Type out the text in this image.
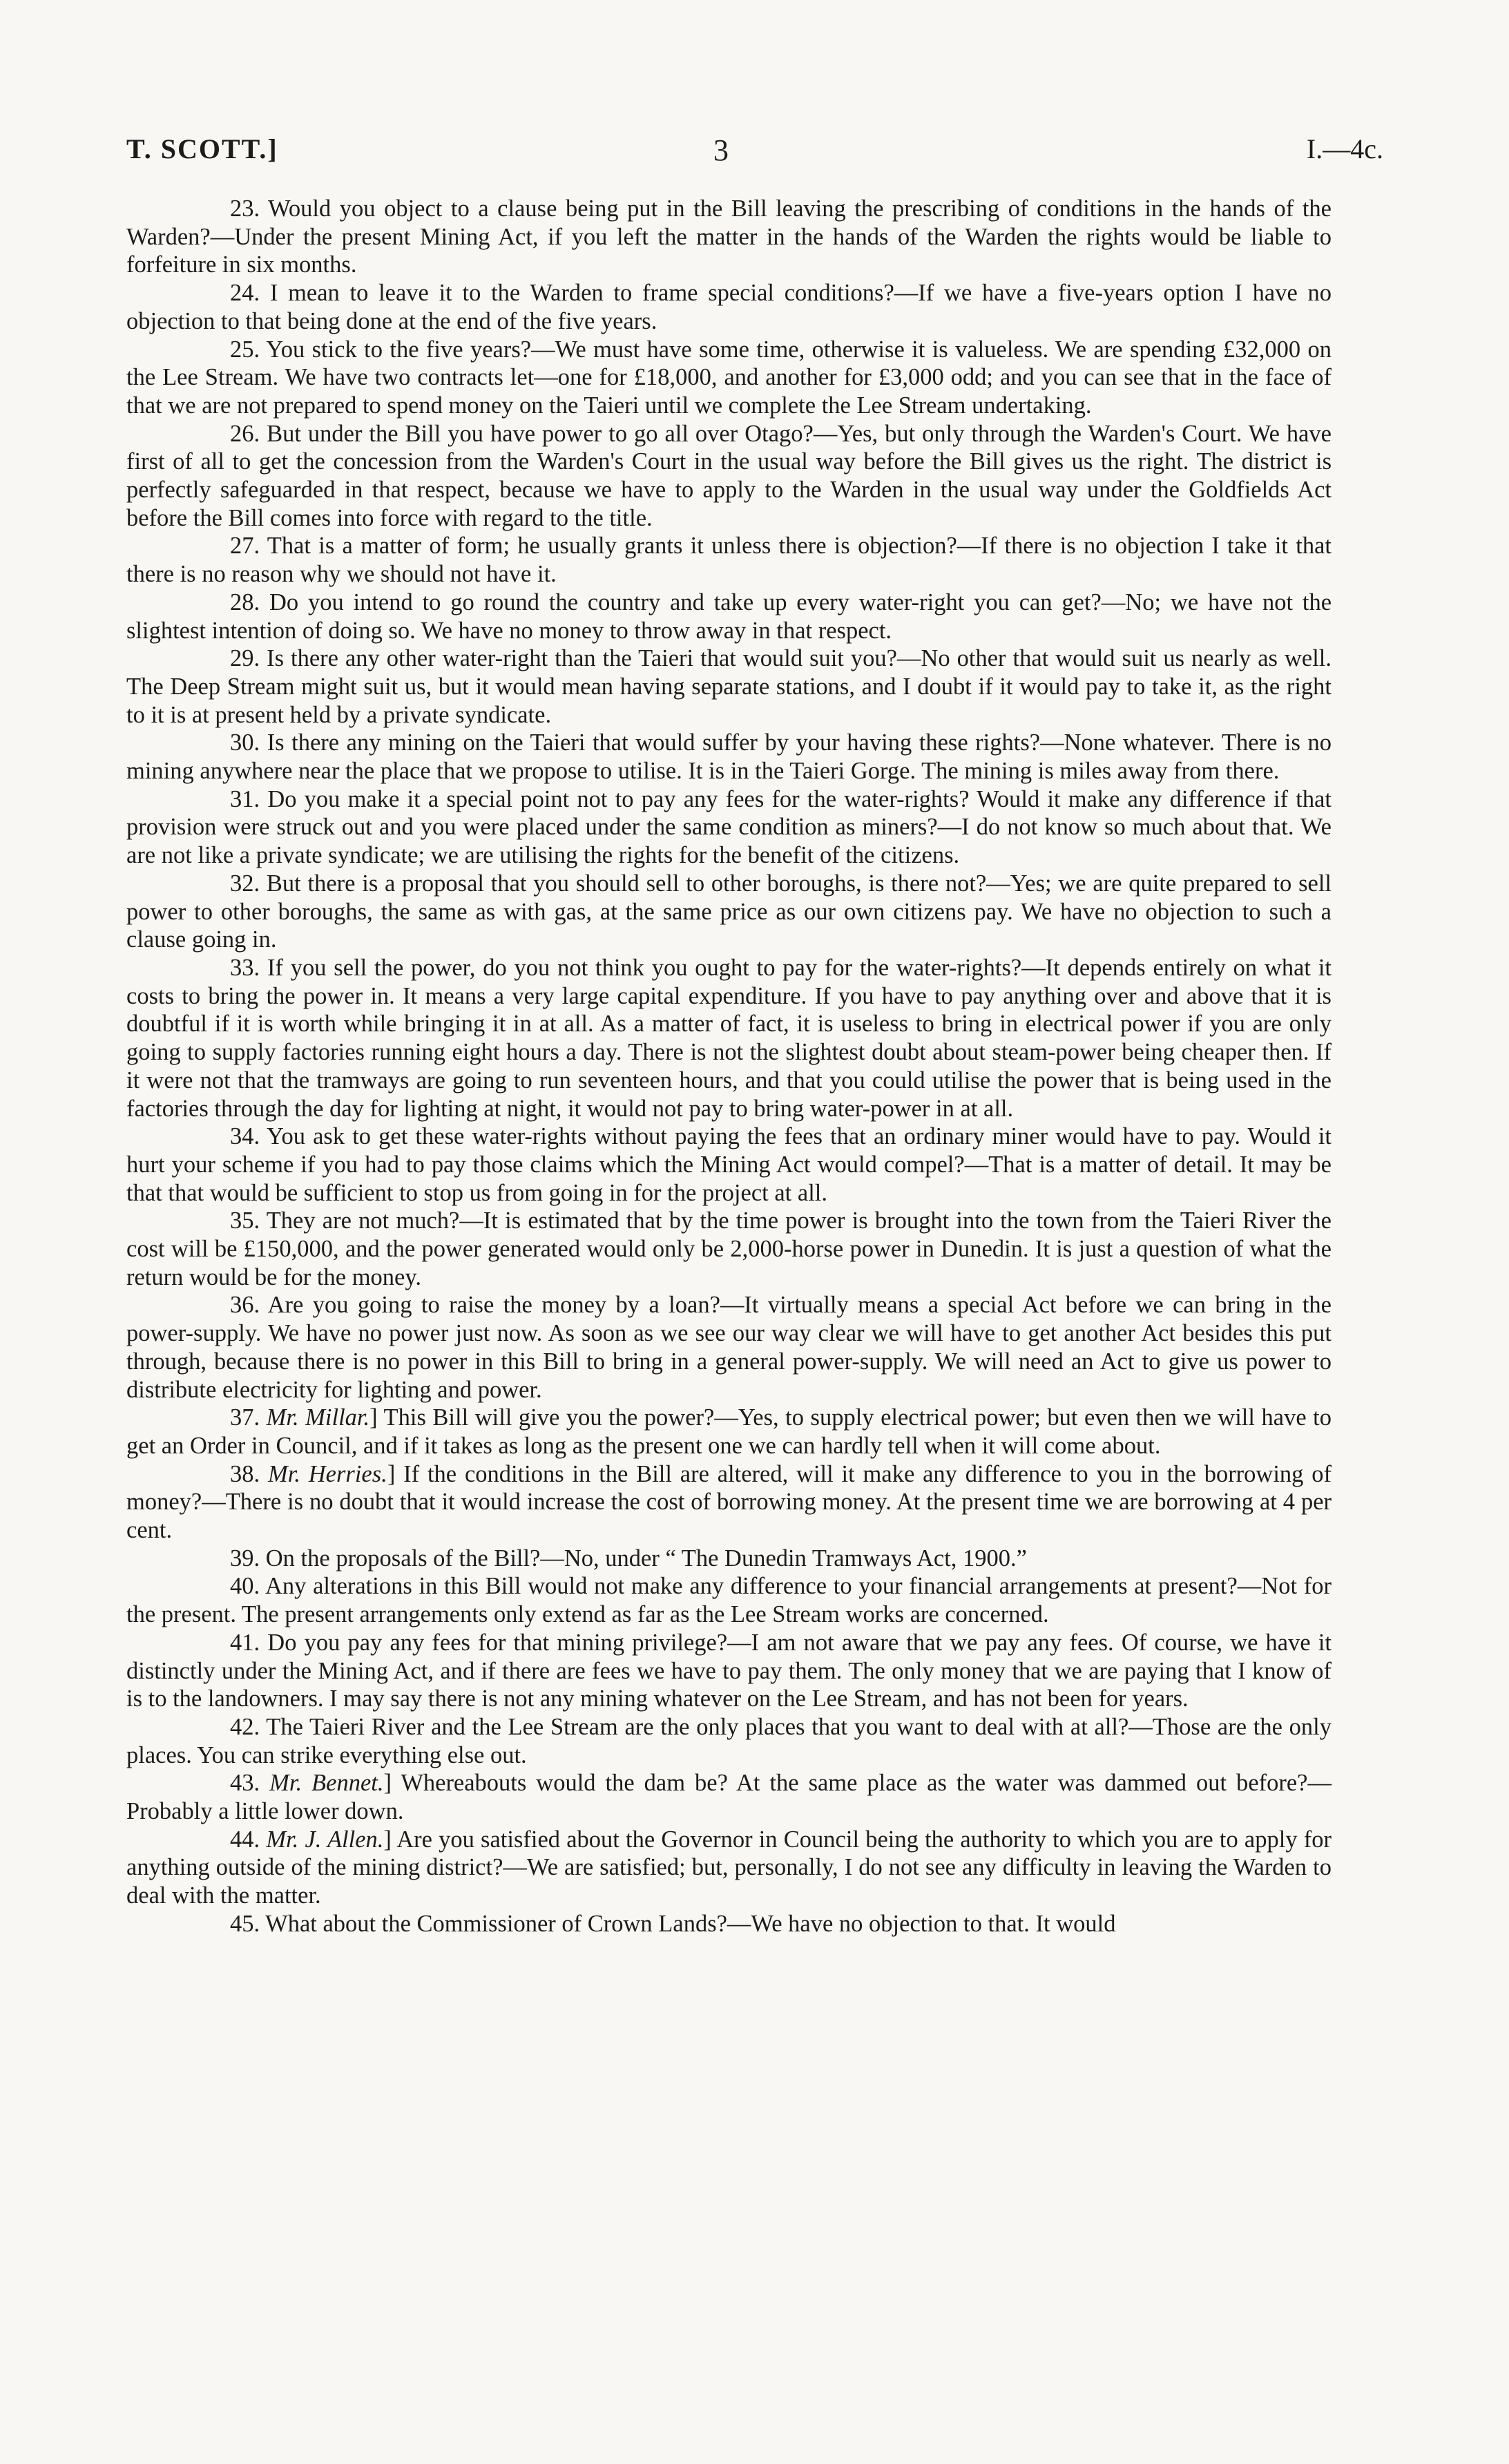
T. SCOTT.]	3	I.—4c.

23. Would you object to a clause being put in the Bill leaving the prescribing of conditions in the hands of the Warden?—Under the present Mining Act, if you left the matter in the hands of the Warden the rights would be liable to forfeiture in six months.

24. I mean to leave it to the Warden to frame special conditions?—If we have a five-years option I have no objection to that being done at the end of the five years.

25. You stick to the five years?—We must have some time, otherwise it is valueless. We are spending £32,000 on the Lee Stream. We have two contracts let—one for £18,000, and another for £3,000 odd; and you can see that in the face of that we are not prepared to spend money on the Taieri until we complete the Lee Stream undertaking.

26. But under the Bill you have power to go all over Otago?—Yes, but only through the Warden's Court. We have first of all to get the concession from the Warden's Court in the usual way before the Bill gives us the right. The district is perfectly safeguarded in that respect, because we have to apply to the Warden in the usual way under the Goldfields Act before the Bill comes into force with regard to the title.

27. That is a matter of form; he usually grants it unless there is objection?—If there is no objection I take it that there is no reason why we should not have it.

28. Do you intend to go round the country and take up every water-right you can get?—No; we have not the slightest intention of doing so. We have no money to throw away in that respect.

29. Is there any other water-right than the Taieri that would suit you?—No other that would suit us nearly as well. The Deep Stream might suit us, but it would mean having separate stations, and I doubt if it would pay to take it, as the right to it is at present held by a private syndicate.

30. Is there any mining on the Taieri that would suffer by your having these rights?—None whatever. There is no mining anywhere near the place that we propose to utilise. It is in the Taieri Gorge. The mining is miles away from there.

31. Do you make it a special point not to pay any fees for the water-rights? Would it make any difference if that provision were struck out and you were placed under the same condition as miners?—I do not know so much about that. We are not like a private syndicate; we are utilising the rights for the benefit of the citizens.

32. But there is a proposal that you should sell to other boroughs, is there not?—Yes; we are quite prepared to sell power to other boroughs, the same as with gas, at the same price as our own citizens pay. We have no objection to such a clause going in.

33. If you sell the power, do you not think you ought to pay for the water-rights?—It depends entirely on what it costs to bring the power in. It means a very large capital expenditure. If you have to pay anything over and above that it is doubtful if it is worth while bringing it in at all. As a matter of fact, it is useless to bring in electrical power if you are only going to supply factories running eight hours a day. There is not the slightest doubt about steam-power being cheaper then. If it were not that the tramways are going to run seventeen hours, and that you could utilise the power that is being used in the factories through the day for lighting at night, it would not pay to bring water-power in at all.

34. You ask to get these water-rights without paying the fees that an ordinary miner would have to pay. Would it hurt your scheme if you had to pay those claims which the Mining Act would compel?—That is a matter of detail. It may be that that would be sufficient to stop us from going in for the project at all.

35. They are not much?—It is estimated that by the time power is brought into the town from the Taieri River the cost will be £150,000, and the power generated would only be 2,000-horse power in Dunedin. It is just a question of what the return would be for the money.

36. Are you going to raise the money by a loan?—It virtually means a special Act before we can bring in the power-supply. We have no power just now. As soon as we see our way clear we will have to get another Act besides this put through, because there is no power in this Bill to bring in a general power-supply. We will need an Act to give us power to distribute electricity for lighting and power.

37. Mr. Millar.] This Bill will give you the power?—Yes, to supply electrical power; but even then we will have to get an Order in Council, and if it takes as long as the present one we can hardly tell when it will come about.

38. Mr. Herries.] If the conditions in the Bill are altered, will it make any difference to you in the borrowing of money?—There is no doubt that it would increase the cost of borrowing money. At the present time we are borrowing at 4 per cent.

39. On the proposals of the Bill?—No, under “ The Dunedin Tramways Act, 1900.”

40. Any alterations in this Bill would not make any difference to your financial arrangements at present?—Not for the present. The present arrangements only extend as far as the Lee Stream works are concerned.

41. Do you pay any fees for that mining privilege?—I am not aware that we pay any fees. Of course, we have it distinctly under the Mining Act, and if there are fees we have to pay them. The only money that we are paying that I know of is to the landowners. I may say there is not any mining whatever on the Lee Stream, and has not been for years.

42. The Taieri River and the Lee Stream are the only places that you want to deal with at all?—Those are the only places. You can strike everything else out.

43. Mr. Bennet.] Whereabouts would the dam be? At the same place as the water was dammed out before?—Probably a little lower down.

44. Mr. J. Allen.] Are you satisfied about the Governor in Council being the authority to which you are to apply for anything outside of the mining district?—We are satisfied; but, personally, I do not see any difficulty in leaving the Warden to deal with the matter.

45. What about the Commissioner of Crown Lands?—We have no objection to that. It would
